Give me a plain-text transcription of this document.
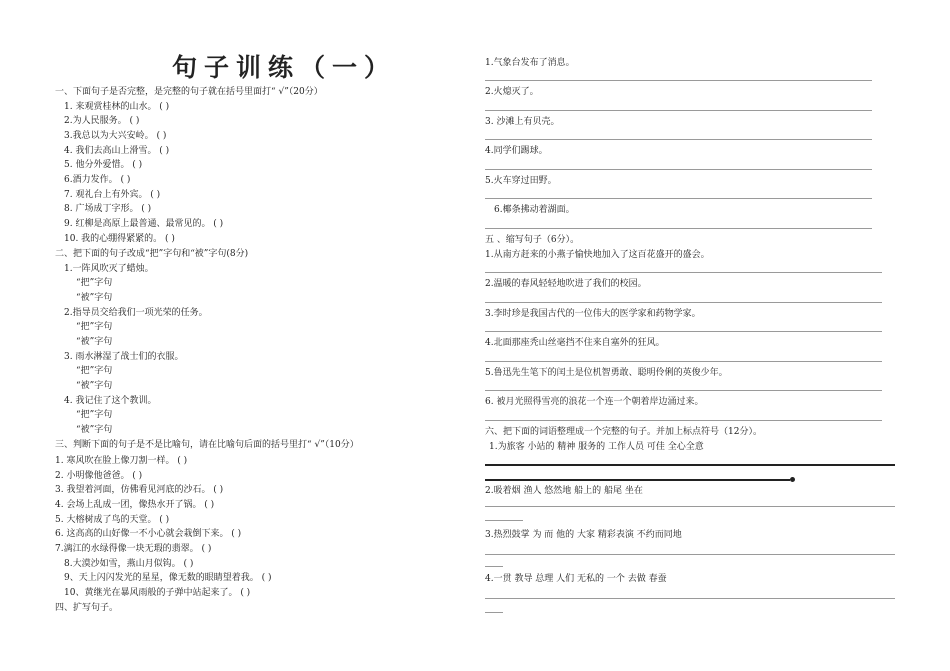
句子训练（一）
一、下面句子是否完整，是完整的句子就在括号里面打“ √”（20分）
1. 来观赏桂林的山水。 ( )
2.为人民服务。 ( )
3.我总以为大兴安岭。 ( )
4. 我们去高山上滑雪。 ( )
5. 他分外爱惜。 ( )
6.酒力发作。 ( )
7. 观礼台上有外宾。 ( )
8. 广场成丁字形。 ( )
9. 红柳是高原上最普通、最常见的。 ( )
10. 我的心绷得紧紧的。 ( )
二、把下面的句子改成“把”字句和“被”字句(8分)
1.一阵风吹灭了蜡烛。
“把”字句
“被”字句
2.指导员交给我们一项光荣的任务。
“把”字句
“被”字句
3. 雨水淋湿了战士们的衣服。
“把”字句
“被”字句
4. 我记住了这个教训。
“把”字句
“被”字句
三、判断下面的句子是不是比喻句，请在比喻句后面的括号里打“ √”（10分）
1. 寒风吹在脸上像刀割一样。 ( )
2. 小明像他爸爸。 ( )
3. 我望着河面，仿佛看见河底的沙石。 ( )
4. 会场上乱成一团，像热水开了锅。 ( )
5. 大榕树成了鸟的天堂。 ( )
6. 这高高的山好像一不小心就会栽倒下来。 ( )
7.漓江的水绿得像一块无瑕的翡翠。 ( )
8.大漠沙如雪，燕山月似钩。 ( )
9、天上闪闪发光的星星，像无数的眼睛望着我。 ( )
10、黄继光在暴风雨般的子弹中站起来了。 ( )
四、扩写句子。
1.气象台发布了消息。
2.火熄灭了。
3. 沙滩上有贝壳。
4.同学们踢球。
5.火车穿过田野。
6.椰条拂动着湖面。
五 、缩写句子（6分）。
1.从南方赶来的小燕子愉快地加入了这百花盛开的盛会。
2.温暖的春风轻轻地吹进了我们的校园。
3.李时珍是我国古代的一位伟大的医学家和药物学家。
4.北面那座秃山丝毫挡不住来自塞外的狂风。
5.鲁迅先生笔下的闰土是位机智勇敢、聪明伶俐的英俊少年。
6. 被月光照得雪亮的浪花一个连一个朝着岸边涌过来。
六、把下面的词语整理成一个完整的句子。并加上标点符号（12分）。
1.为旅客 小站的 精神 服务的 工作人员 可佳 全心全意
2.吸着烟 渔人 悠然地 船上的 船尾 坐在
3.热烈鼓掌 为 而 他的 大家 精彩表演 不约而同地
4.一贯 教导 总理 人们 无私的 一个 去做 春蚕
